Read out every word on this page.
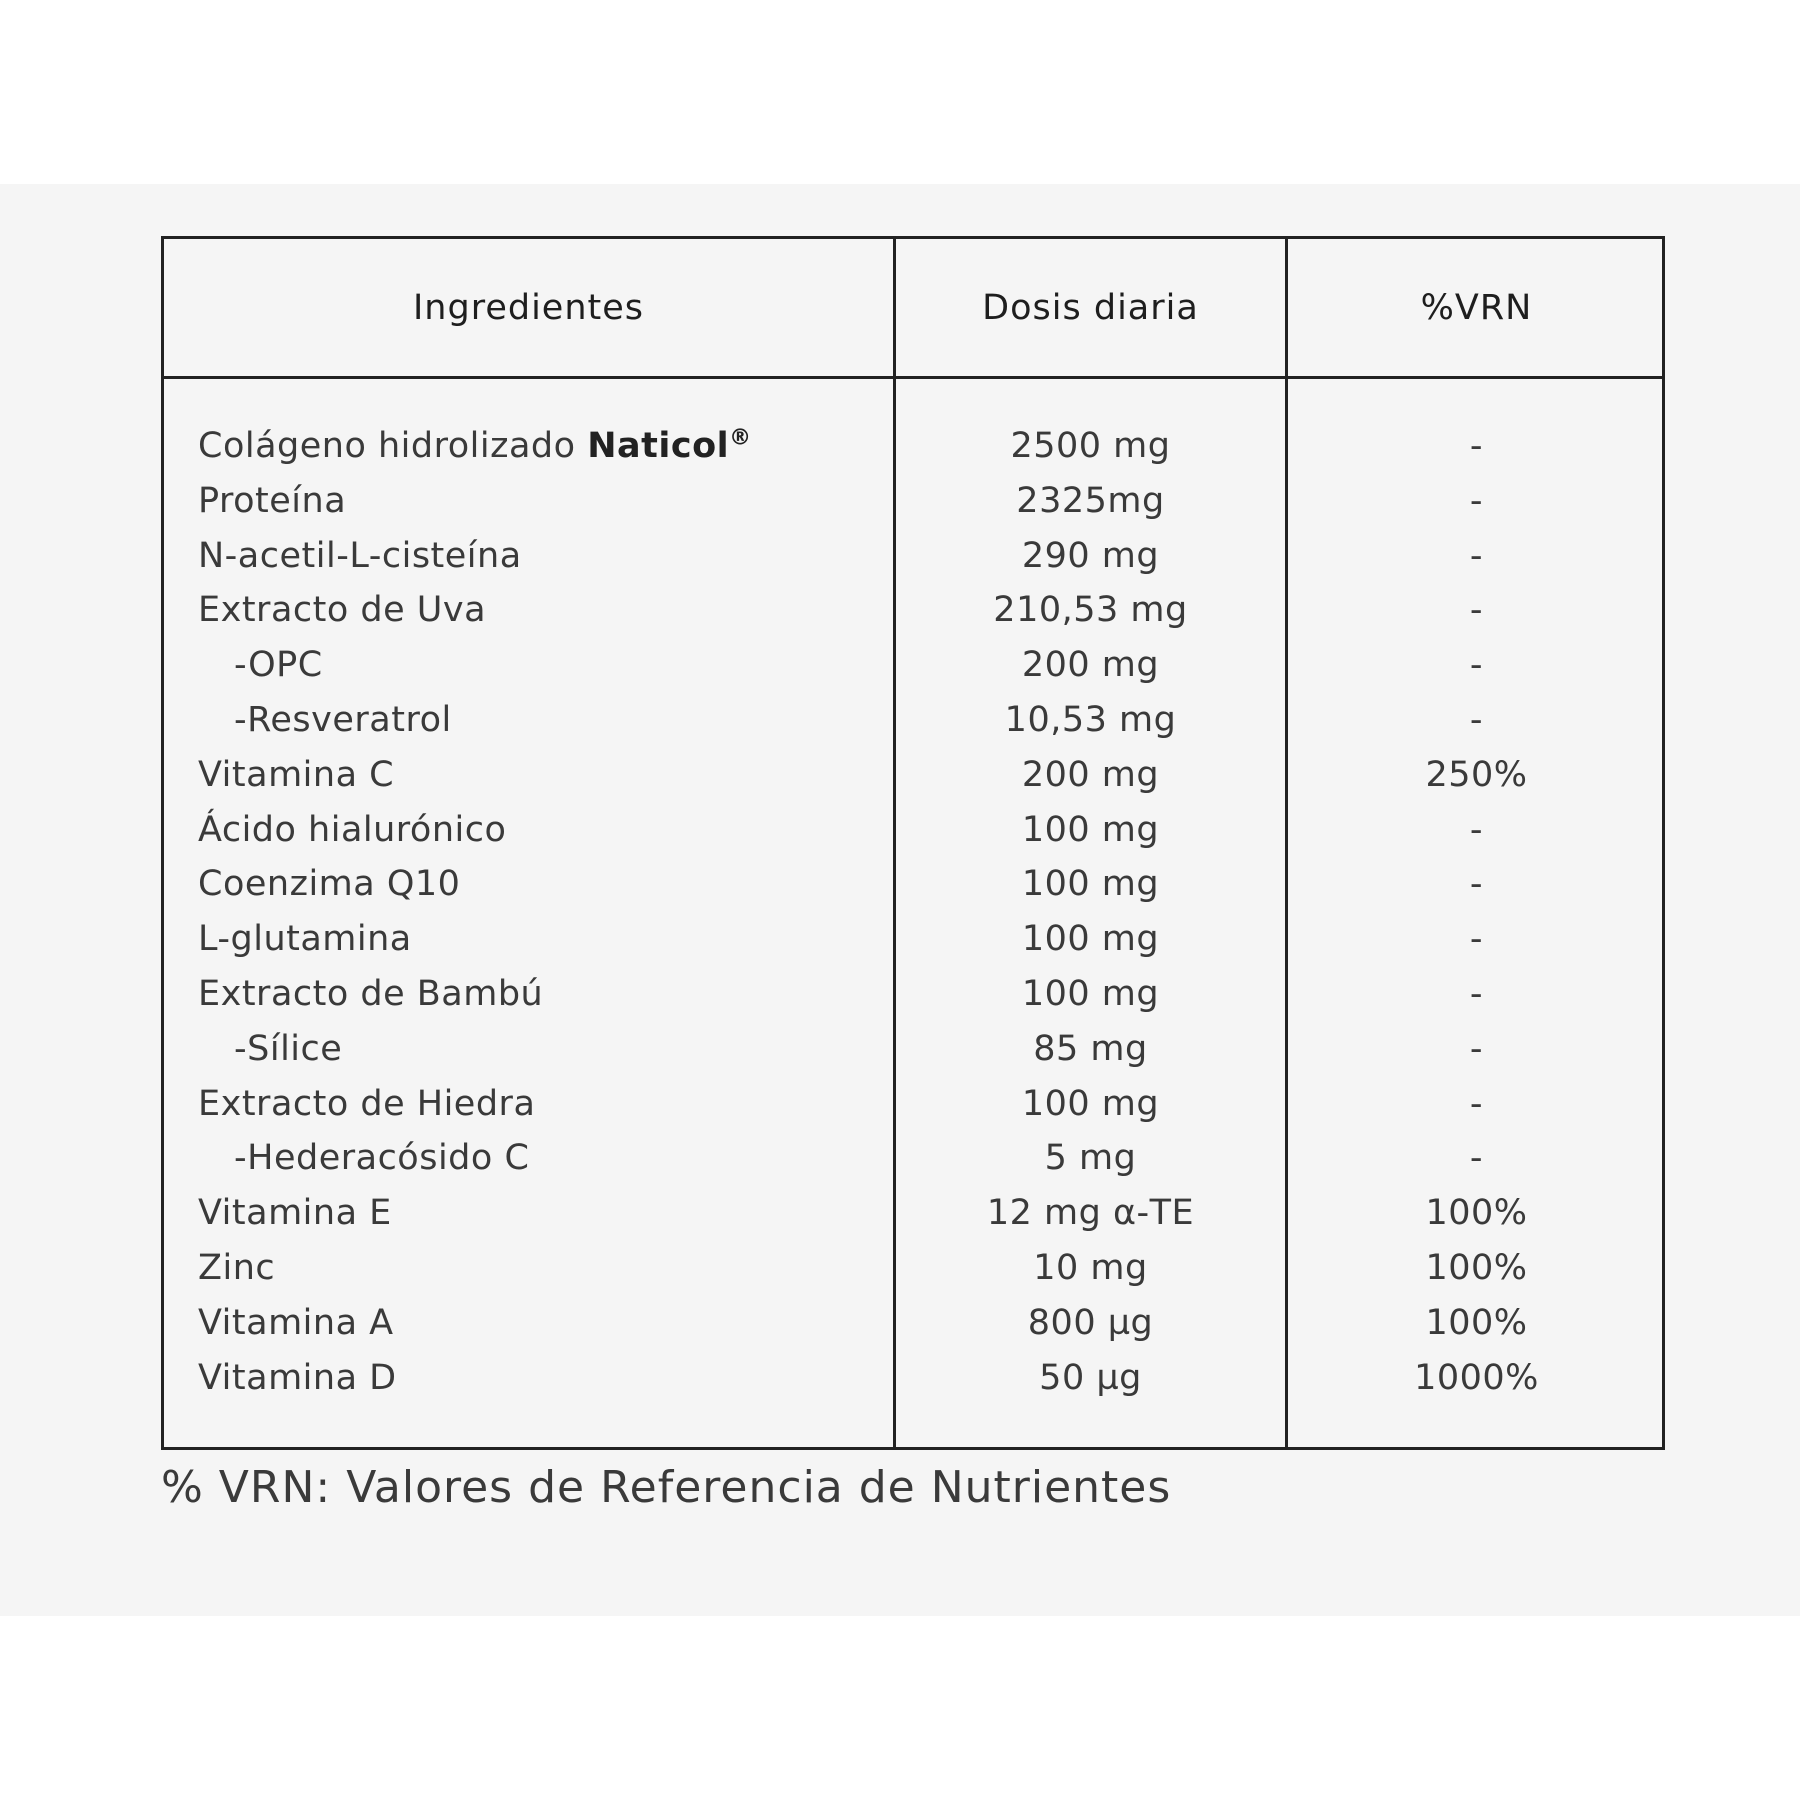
Ingredientes	Dosis diaria	%VRN
Colágeno hidrolizado Naticol®	2500 mg	-
Proteína	2325mg	-
N-acetil-L-cisteína	290 mg	-
Extracto de Uva	210,53 mg	-
-OPC	200 mg	-
-Resveratrol	10,53 mg	-
Vitamina C	200 mg	250%
Ácido hialurónico	100 mg	-
Coenzima Q10	100 mg	-
L-glutamina	100 mg	-
Extracto de Bambú	100 mg	-
-Sílice	85 mg	-
Extracto de Hiedra	100 mg	-
-Hederacósido C	5 mg	-
Vitamina E	12 mg α-TE	100%
Zinc	10 mg	100%
Vitamina A	800 µg	100%
Vitamina D	50 µg	1000%
% VRN: Valores de Referencia de Nutrientes
